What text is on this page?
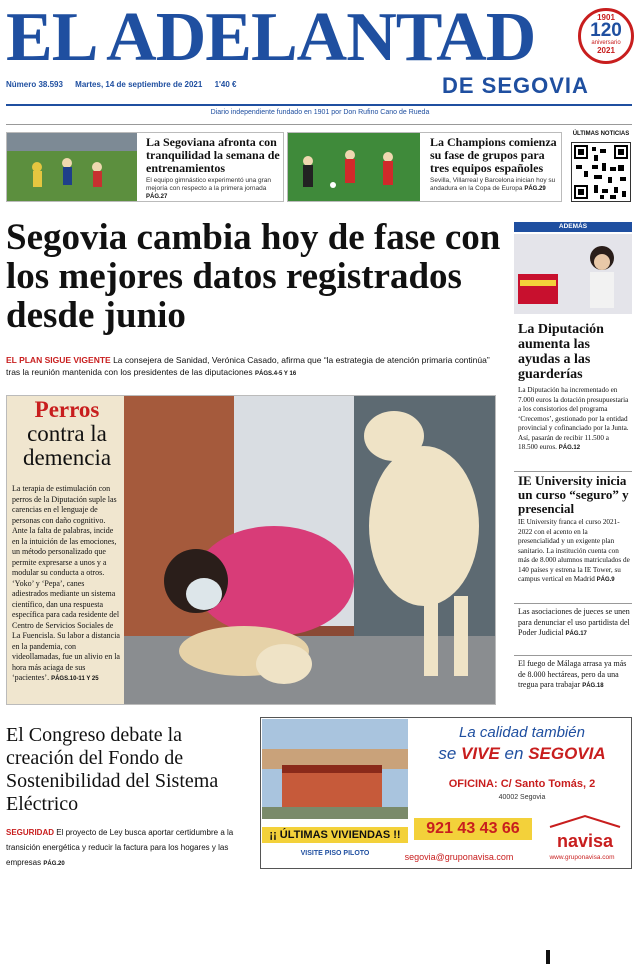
EL ADELANTAD	1901
120
aniversario
2021
DE SEGOVIA
Número 38.593 Martes, 14 de septiembre de 2021 1'40 €
Diario independiente fundado en 1901 por Don Rufino Cano de Rueda
La Segoviana afronta con tranquilidad la semana de entrenamientos
El equipo gimnástico experimentó una gran mejoría con respecto a la primera jornada PÁG.27
La Champions comienza su fase de grupos para tres equipos españoles
Sevilla, Villarreal y Barcelona inician hoy su andadura en la Copa de Europa PÁG.29
ÚLTIMAS NOTICIAS
Segovia cambia hoy de fase con los mejores datos registrados desde junio
EL PLAN SIGUE VIGENTE La consejera de Sanidad, Verónica Casado, afirma que “la estrategia de atención primaria continúa” tras la reunión mantenida con los presidentes de las diputaciones PÁGS.4-5 Y 16
Perros
contra la demencia
La terapia de estimulación con perros de la Diputación suple las carencias en el lenguaje de personas con daño cognitivo. Ante la falta de palabras, incide en la intuición de las emociones, un método personalizado que permite expresarse a unos y a modular su conducta a otros. ‘Yoko’ y ‘Pepa’, canes adiestrados mediante un sistema científico, dan una respuesta específica para cada residente del Centro de Servicios Sociales de La Fuencisla. Su labor a distancia en la pandemia, con videollamadas, fue un alivio en la hora más aciaga de sus ‘pacientes’. PÁGS.10-11 Y 25
ADEMÁS
La Diputación aumenta las ayudas a las guarderías
La Diputación ha incrementado en 7.000 euros la dotación presupuestaria a los consistorios del programa ‘Crecemos’, gestionado por la entidad provincial y cofinanciado por la Junta. Así, pasarán de recibir 11.500 a 18.500 euros. PÁG.12
IE University inicia un curso “seguro” y presencial
IE University franca el curso 2021-2022 con el acento en la presencialidad y un exigente plan sanitario. La institución cuenta con más de 8.000 alumnos matriculados de 140 países y estrena la IE Tower, su campus vertical en Madrid PÁG.9
Las asociaciones de jueces se unen para denunciar el uso partidista del Poder Judicial PÁG.17
El fuego de Málaga arrasa ya más de 8.000 hectáreas, pero da una tregua para trabajar PÁG.18
El Congreso debate la creación del Fondo de Sostenibilidad del Sistema Eléctrico
SEGURIDAD El proyecto de Ley busca aportar certidumbre a la transición energética y reducir la factura para los hogares y las empresas PÁG.20
La calidad también
se VIVE en SEGOVIA
OFICINA: C/ Santo Tomás, 2
40002 Segovia
¡¡ ÚLTIMAS VIVIENDAS !!
VISITE PISO PILOTO
921 43 43 66
navisa
segovia@gruponavisa.com	www.gruponavisa.com
